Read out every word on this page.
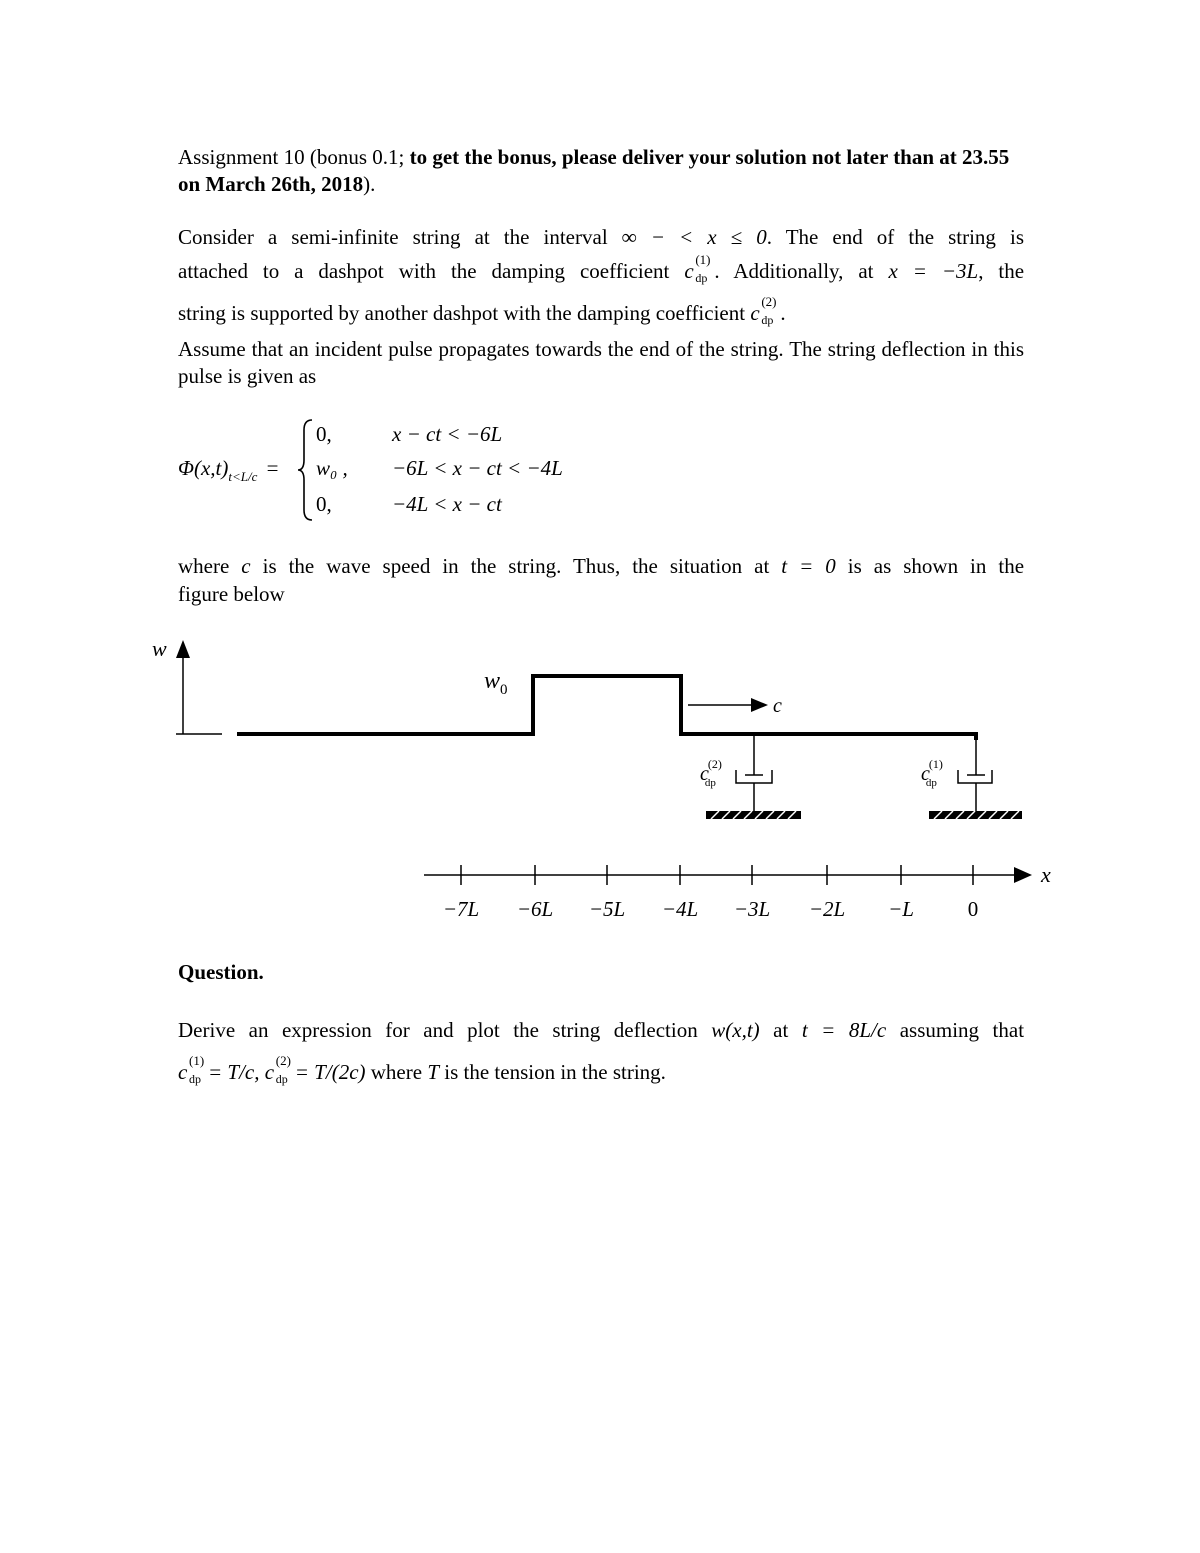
Assignment 10 (bonus 0.1; to get the bonus, please deliver your solution not later than at 23.55 on March 26th, 2018).
Consider a semi-infinite string at the interval ∞ − < x ≤ 0. The end of the string is
attached to a dashpot with the damping coefficient c (1)
dp . Additionally, at x = −3L, the
string is supported by another dashpot with the damping coefficient c (2)
dp .
Assume that an incident pulse propagates towards the end of the string. The string deflection in this pulse is given as
$\Phi(x,t)_{t<L/c}$ =
0,
w₀ ,
0,
x − ct < −6L
−6L < x − ct < −4L
−4L < x − ct
where c is the wave speed in the string. Thus, the situation at t = 0 is as shown in the
figure below
w
$w_0$
c
c(2) dp	c(1) dp
x
−7L −6L −5L −4L −3L −2L −L	0
Question.
Derive an expression for and plot the string deflection w(x,t) at t = 8L/c assuming that
c (1)
dp = T/c, c (2)
dp = T/(2c) where T is the tension in the string.
